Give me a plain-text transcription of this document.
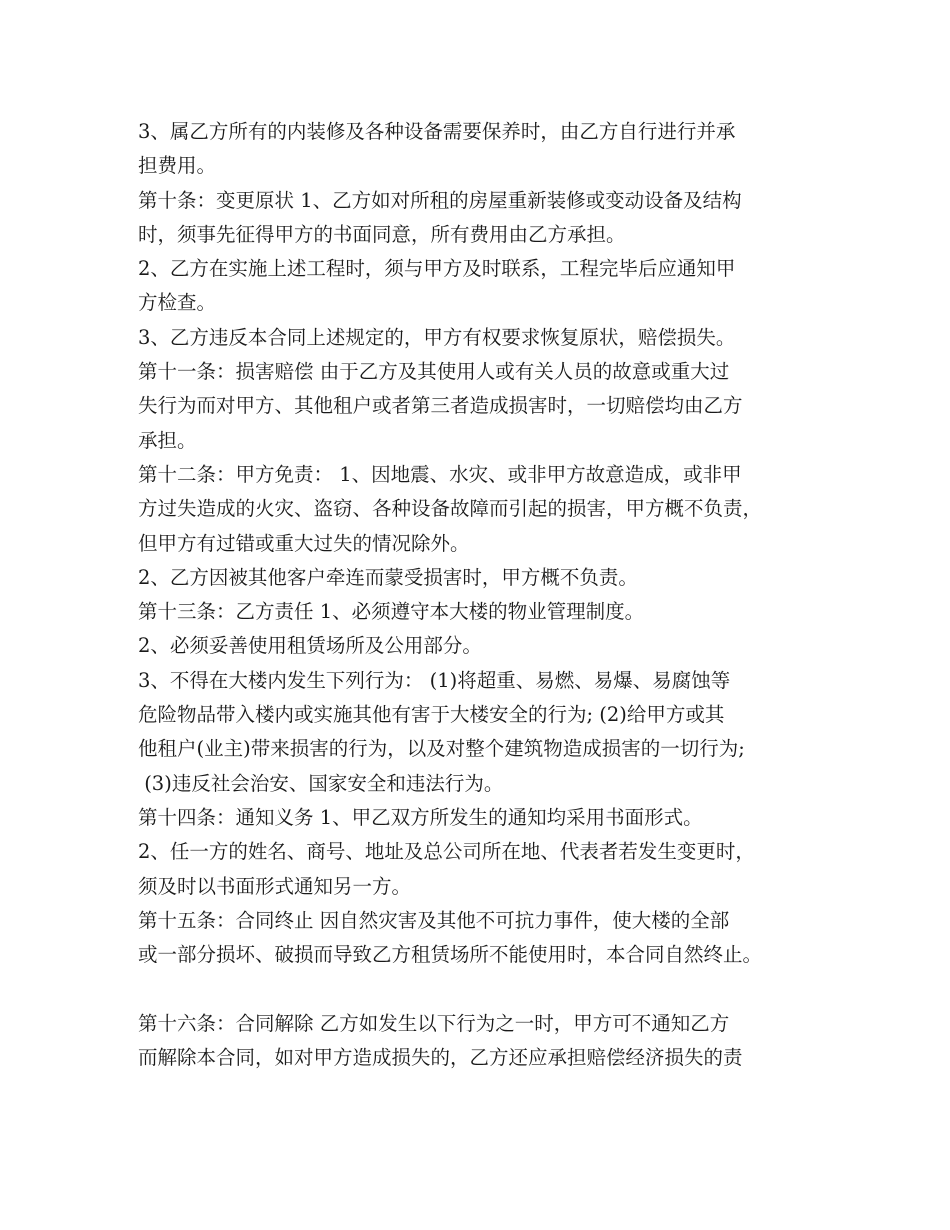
3、属乙方所有的内装修及各种设备需要保养时，由乙方自行进行并承
担费用。
第十条：变更原状 1、乙方如对所租的房屋重新装修或变动设备及结构
时，须事先征得甲方的书面同意，所有费用由乙方承担。
2、乙方在实施上述工程时，须与甲方及时联系，工程完毕后应通知甲
方检查。
3、乙方违反本合同上述规定的，甲方有权要求恢复原状，赔偿损失。
第十一条：损害赔偿 由于乙方及其使用人或有关人员的故意或重大过
失行为而对甲方、其他租户或者第三者造成损害时，一切赔偿均由乙方
承担。
第十二条：甲方免责： 1、因地震、水灾、或非甲方故意造成，或非甲
方过失造成的火灾、盗窃、各种设备故障而引起的损害，甲方概不负责，
但甲方有过错或重大过失的情况除外。
2、乙方因被其他客户牵连而蒙受损害时，甲方概不负责。
第十三条：乙方责任 1、必须遵守本大楼的物业管理制度。
2、必须妥善使用租赁场所及公用部分。
3、不得在大楼内发生下列行为： (1)将超重、易燃、易爆、易腐蚀等
危险物品带入楼内或实施其他有害于大楼安全的行为; (2)给甲方或其
他租户(业主)带来损害的行为，以及对整个建筑物造成损害的一切行为;
(3)违反社会治安、国家安全和违法行为。
第十四条：通知义务 1、甲乙双方所发生的通知均采用书面形式。
2、任一方的姓名、商号、地址及总公司所在地、代表者若发生变更时，
须及时以书面形式通知另一方。
第十五条：合同终止 因自然灾害及其他不可抗力事件，使大楼的全部
或一部分损坏、破损而导致乙方租赁场所不能使用时，本合同自然终止。
第十六条：合同解除 乙方如发生以下行为之一时，甲方可不通知乙方
而解除本合同，如对甲方造成损失的，乙方还应承担赔偿经济损失的责
